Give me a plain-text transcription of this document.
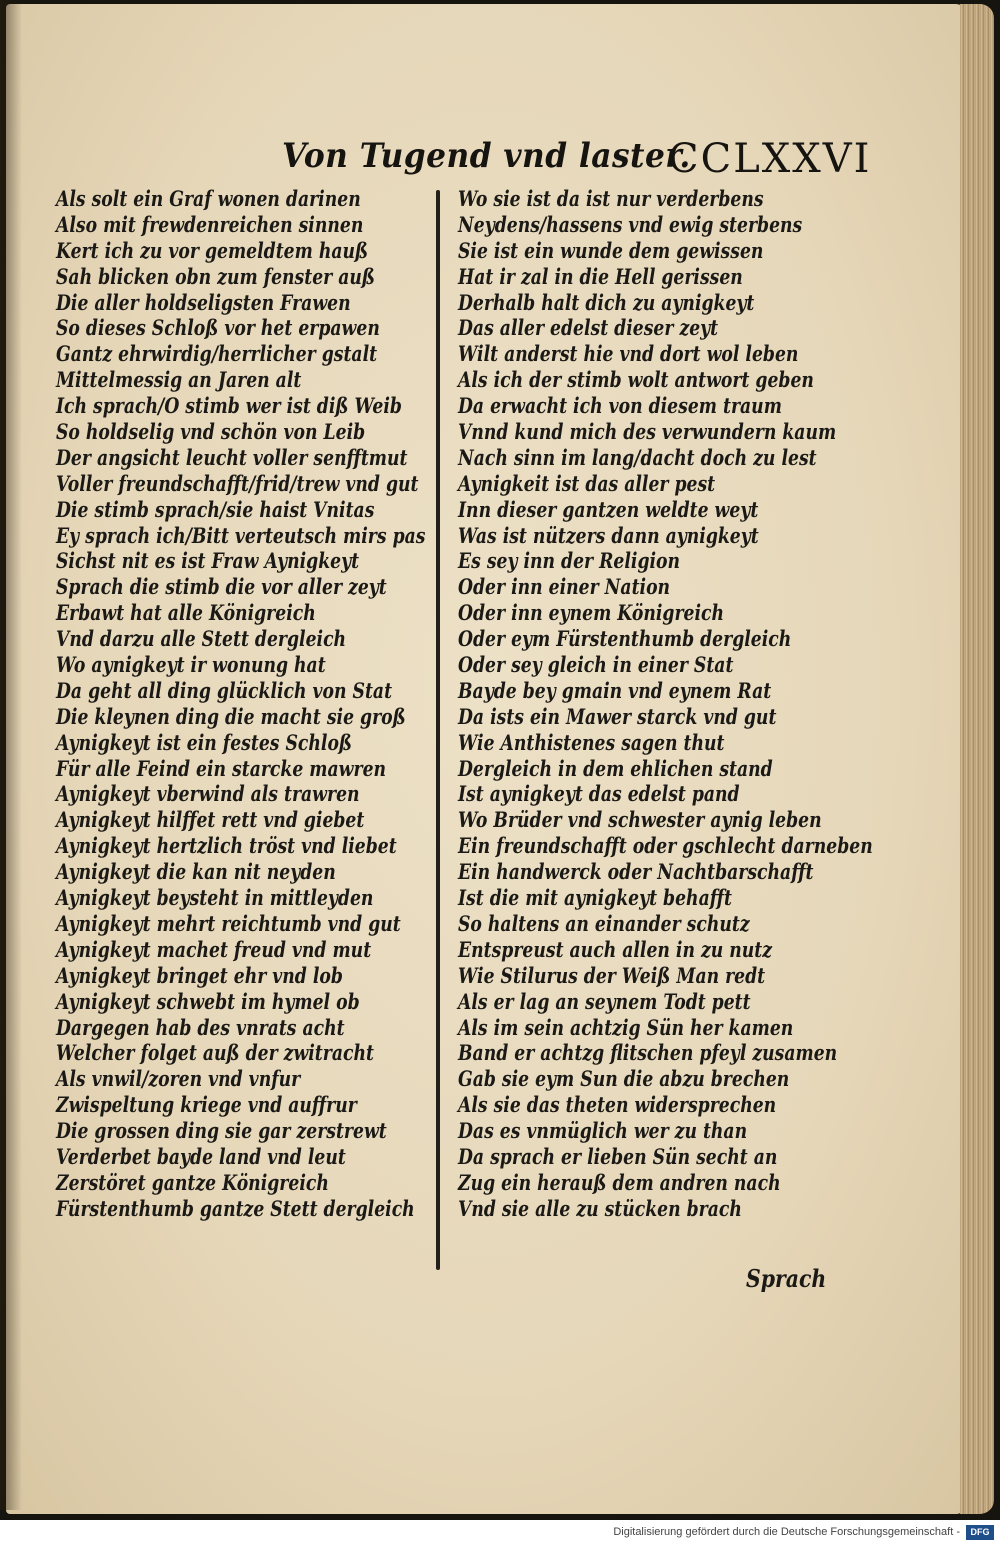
Von Tugend vnd laster.
CCLXXVI
Als solt ein Graf wonen darinen
Also mit frewdenreichen sinnen
Kert ich zu vor gemeldtem hauß
Sah blicken obn zum fenster auß
Die aller holdseligsten Frawen
So dieses Schloß vor het erpawen
Gantz ehrwirdig/herrlicher gstalt
Mittelmessig an Jaren alt
Ich sprach/O stimb wer ist diß Weib
So holdselig vnd schön von Leib
Der angsicht leucht voller senfftmut
Voller freundschafft/frid/trew vnd gut
Die stimb sprach/sie haist Vnitas
Ey sprach ich/Bitt verteutsch mirs pas
Sichst nit es ist Fraw Aynigkeyt
Sprach die stimb die vor aller zeyt
Erbawt hat alle Königreich
Vnd darzu alle Stett dergleich
Wo aynigkeyt ir wonung hat
Da geht all ding glücklich von Stat
Die kleynen ding die macht sie groß
Aynigkeyt ist ein festes Schloß
Für alle Feind ein starcke mawren
Aynigkeyt vberwind als trawren
Aynigkeyt hilffet rett vnd giebet
Aynigkeyt hertzlich tröst vnd liebet
Aynigkeyt die kan nit neyden
Aynigkeyt beysteht in mittleyden
Aynigkeyt mehrt reichtumb vnd gut
Aynigkeyt machet freud vnd mut
Aynigkeyt bringet ehr vnd lob
Aynigkeyt schwebt im hymel ob
Dargegen hab des vnrats acht
Welcher folget auß der zwitracht
Als vnwil/zoren vnd vnfur
Zwispeltung kriege vnd auffrur
Die grossen ding sie gar zerstrewt
Verderbet bayde land vnd leut
Zerstöret gantze Königreich
Fürstenthumb gantze Stett dergleich
Wo sie ist da ist nur verderbens
Neydens/hassens vnd ewig sterbens
Sie ist ein wunde dem gewissen
Hat ir zal in die Hell gerissen
Derhalb halt dich zu aynigkeyt
Das aller edelst dieser zeyt
Wilt anderst hie vnd dort wol leben
Als ich der stimb wolt antwort geben
Da erwacht ich von diesem traum
Vnnd kund mich des verwundern kaum
Nach sinn im lang/dacht doch zu lest
Aynigkeit ist das aller pest
Inn dieser gantzen weldte weyt
Was ist nützers dann aynigkeyt
Es sey inn der Religion
Oder inn einer Nation
Oder inn eynem Königreich
Oder eym Fürstenthumb dergleich
Oder sey gleich in einer Stat
Bayde bey gmain vnd eynem Rat
Da ists ein Mawer starck vnd gut
Wie Anthistenes sagen thut
Dergleich in dem ehlichen stand
Ist aynigkeyt das edelst pand
Wo Brüder vnd schwester aynig leben
Ein freundschafft oder gschlecht darneben
Ein handwerck oder Nachtbarschafft
Ist die mit aynigkeyt behafft
So haltens an einander schutz
Entspreust auch allen in zu nutz
Wie Stilurus der Weiß Man redt
Als er lag an seynem Todt pett
Als im sein achtzig Sün her kamen
Band er achtzg flitschen pfeyl zusamen
Gab sie eym Sun die abzu brechen
Als sie das theten widersprechen
Das es vnmüglich wer zu than
Da sprach er lieben Sün secht an
Zug ein herauß dem andren nach
Vnd sie alle zu stücken brach
Sprach
Digitalisierung gefördert durch die Deutsche Forschungsgemeinschaft -	DFG
